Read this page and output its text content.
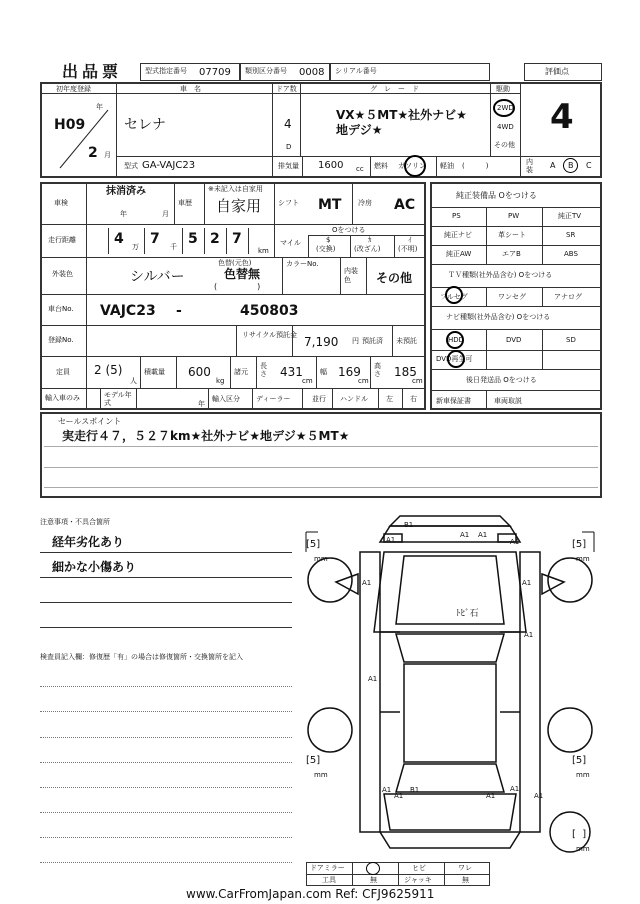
出品票	型式指定番号 07709 類別区分番号 0008 シリアル番号	評価点
初年度登録
H09
年
2 月
車　名
セレナ
ドア数
4
D
グ　レ　ー　ド
VX★５MT★社外ナビ★
地デジ★
駆動
2WD
4WD
その他
4
型式 GA-VAJC23	排気量 1600 cc 燃料 ガソリン 軽油 (　　　)	内装	A B C
車検
抹消済み
年	月
車歴
※未記入は自家用
自家用 シフト MT 冷房 AC
走行距離	4 万 7 千 5 2 7
km
Oをつける
マイル	$
(交換)
ｶ
(改ざん)
ｲ
(不明)
外装色	シルバー
色替(元色)
色替無
(　　　　　)
カラーNo.
内装色	その他
車台No. VAJC23 -	450803
登録No.
リサイクル預託金 7,190 円 預託済 未預託
定員 2 (5)
人
積載量 600
kg
諸元
長さ 431
cm
幅 169
cm
高さ 185
cm
輸入車のみ	モデル年式	年
輸入区分 ディーラー	並行 ハンドル	左 右
純正装備品 Oをつける
PS	PW	純正TV
純正ナビ	革シート	SR
純正AW	エアB	ABS
ＴＶ種類(社外品含む) Oをつける
フルセグ	ワンセグ	アナログ
ナビ種類(社外品含む) Oをつける
HDD	DVD	SD
DVD再生可
後日発送品 Oをつける
新車保証書	車両取説
セールスポイント
実走行４７，５２７km★社外ナビ★地デジ★５MT★
注意事項・不具合箇所
経年劣化あり
細かな小傷あり
検査員記入欄：修復歴「有」の場合は修復箇所・交換箇所を記入
B1
A1 A1
A1	A1
A1	A1
ﾄﾋﾞ石
A1
A1
A1
A1
B1
A1
A1
A1
[5]
mm
[5]
mm
[5]
mm
[5]
mm
[  ]
mm
ドアミラー	ヒビ	ワレ
工具	無	ジャッキ	無
www.CarFromJapan.com Ref: CFJ9625911
